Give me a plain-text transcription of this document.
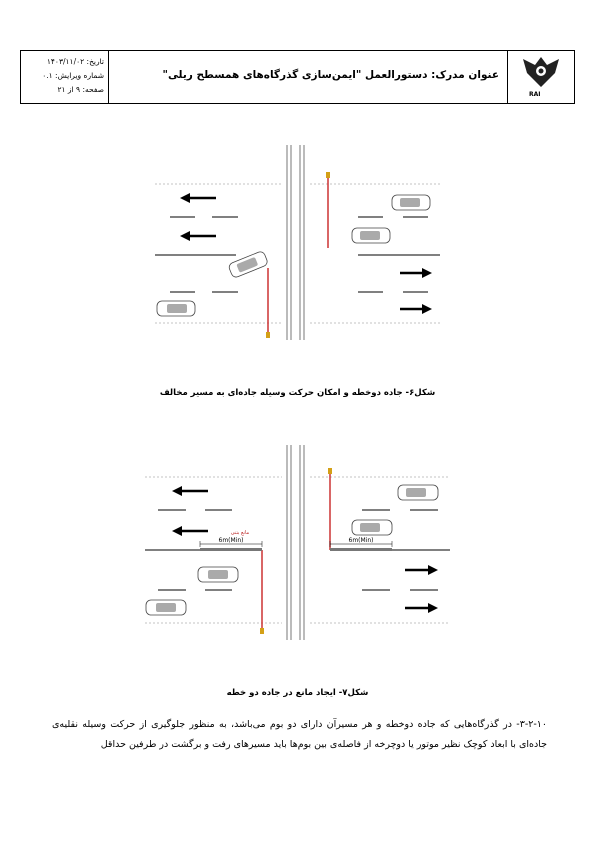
تاریخ: ۱۴۰۳/۱۱/۰۲
شماره ویرایش: ۰.۱
صفحه: ۹ از ۲۱
عنوان مدرک: دستورالعمل "ایمن‌سازی گذرگاه‌های همسطح ریلی"
RAI
شکل۶- جاده دوخطه و امکان حرکت وسیله جاده‌ای به مسیر مخالف
6m(Min)	6m(Min)
مانع بتنی
شکل۷- ایجاد مانع در جاده دو خطه
۳-۲-۱۰- در گذرگاه‌هایی که جاده دوخطه و هر مسیرآن دارای دو بوم می‌باشد، به منظور جلوگیری از حرکت وسیله نقلیه‌ی جاده‌ای با ابعاد کوچک نظیر موتور یا دوچرخه از فاصله‌ی بین بوم‌ها باید مسیرهای رفت و برگشت در طرفین حداقل
